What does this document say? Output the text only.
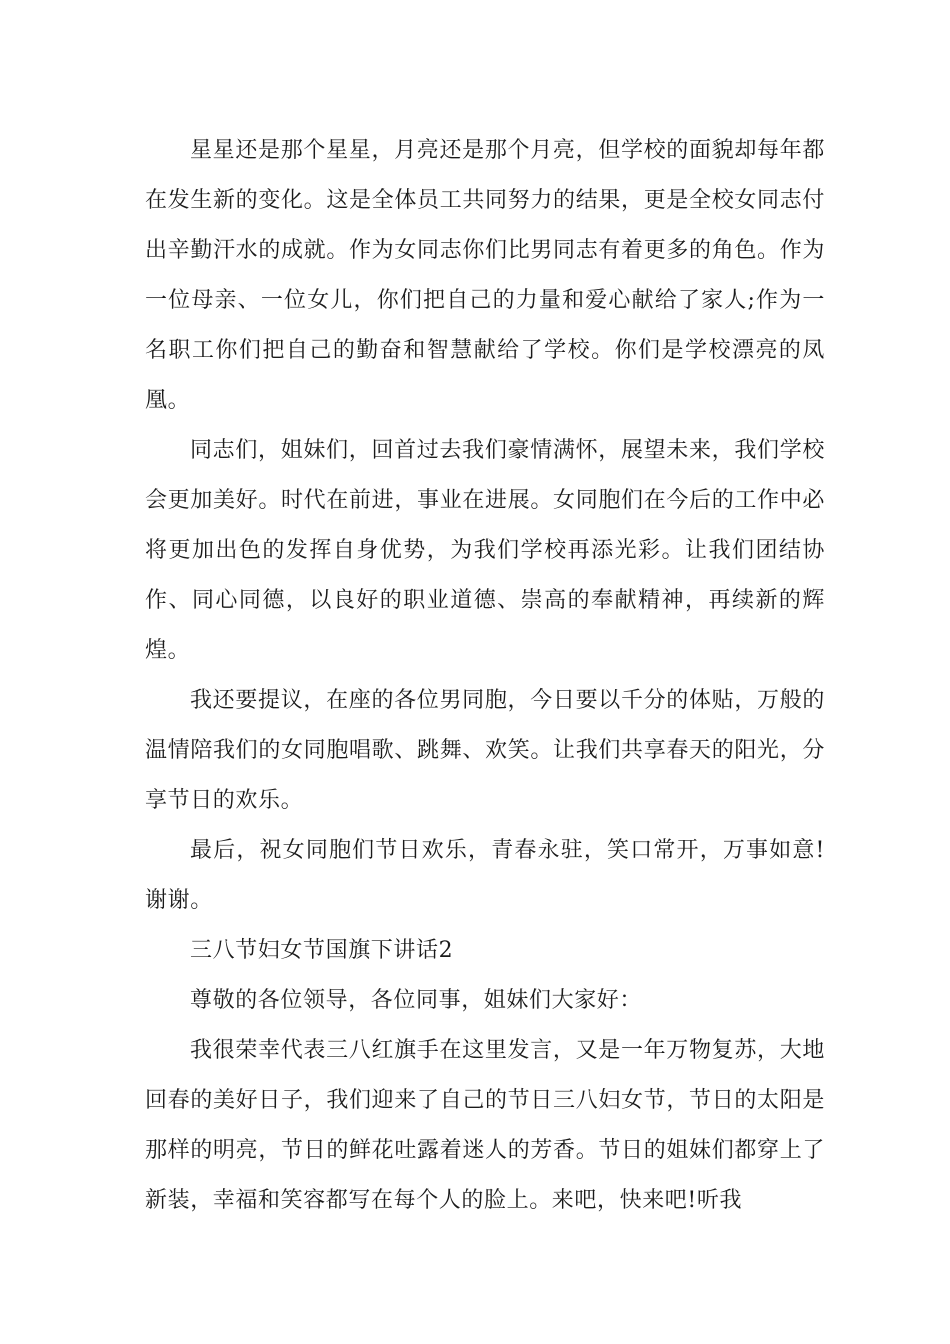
星星还是那个星星，月亮还是那个月亮，但学校的面貌却每年都在发生新的变化。这是全体员工共同努力的结果，更是全校女同志付出辛勤汗水的成就。作为女同志你们比男同志有着更多的角色。作为一位母亲、一位女儿，你们把自己的力量和爱心献给了家人;作为一名职工你们把自己的勤奋和智慧献给了学校。你们是学校漂亮的凤凰。

同志们，姐妹们，回首过去我们豪情满怀，展望未来，我们学校会更加美好。时代在前进，事业在进展。女同胞们在今后的工作中必将更加出色的发挥自身优势，为我们学校再添光彩。让我们团结协作、同心同德，以良好的职业道德、崇高的奉献精神，再续新的辉煌。

我还要提议，在座的各位男同胞，今日要以千分的体贴，万般的温情陪我们的女同胞唱歌、跳舞、欢笑。让我们共享春天的阳光，分享节日的欢乐。

最后，祝女同胞们节日欢乐，青春永驻，笑口常开，万事如意!谢谢。

三八节妇女节国旗下讲话2

尊敬的各位领导，各位同事，姐妹们大家好：

我很荣幸代表三八红旗手在这里发言，又是一年万物复苏，大地回春的美好日子，我们迎来了自己的节日三八妇女节，节日的太阳是那样的明亮，节日的鲜花吐露着迷人的芳香。节日的姐妹们都穿上了新装，幸福和笑容都写在每个人的脸上。来吧，快来吧!听我
